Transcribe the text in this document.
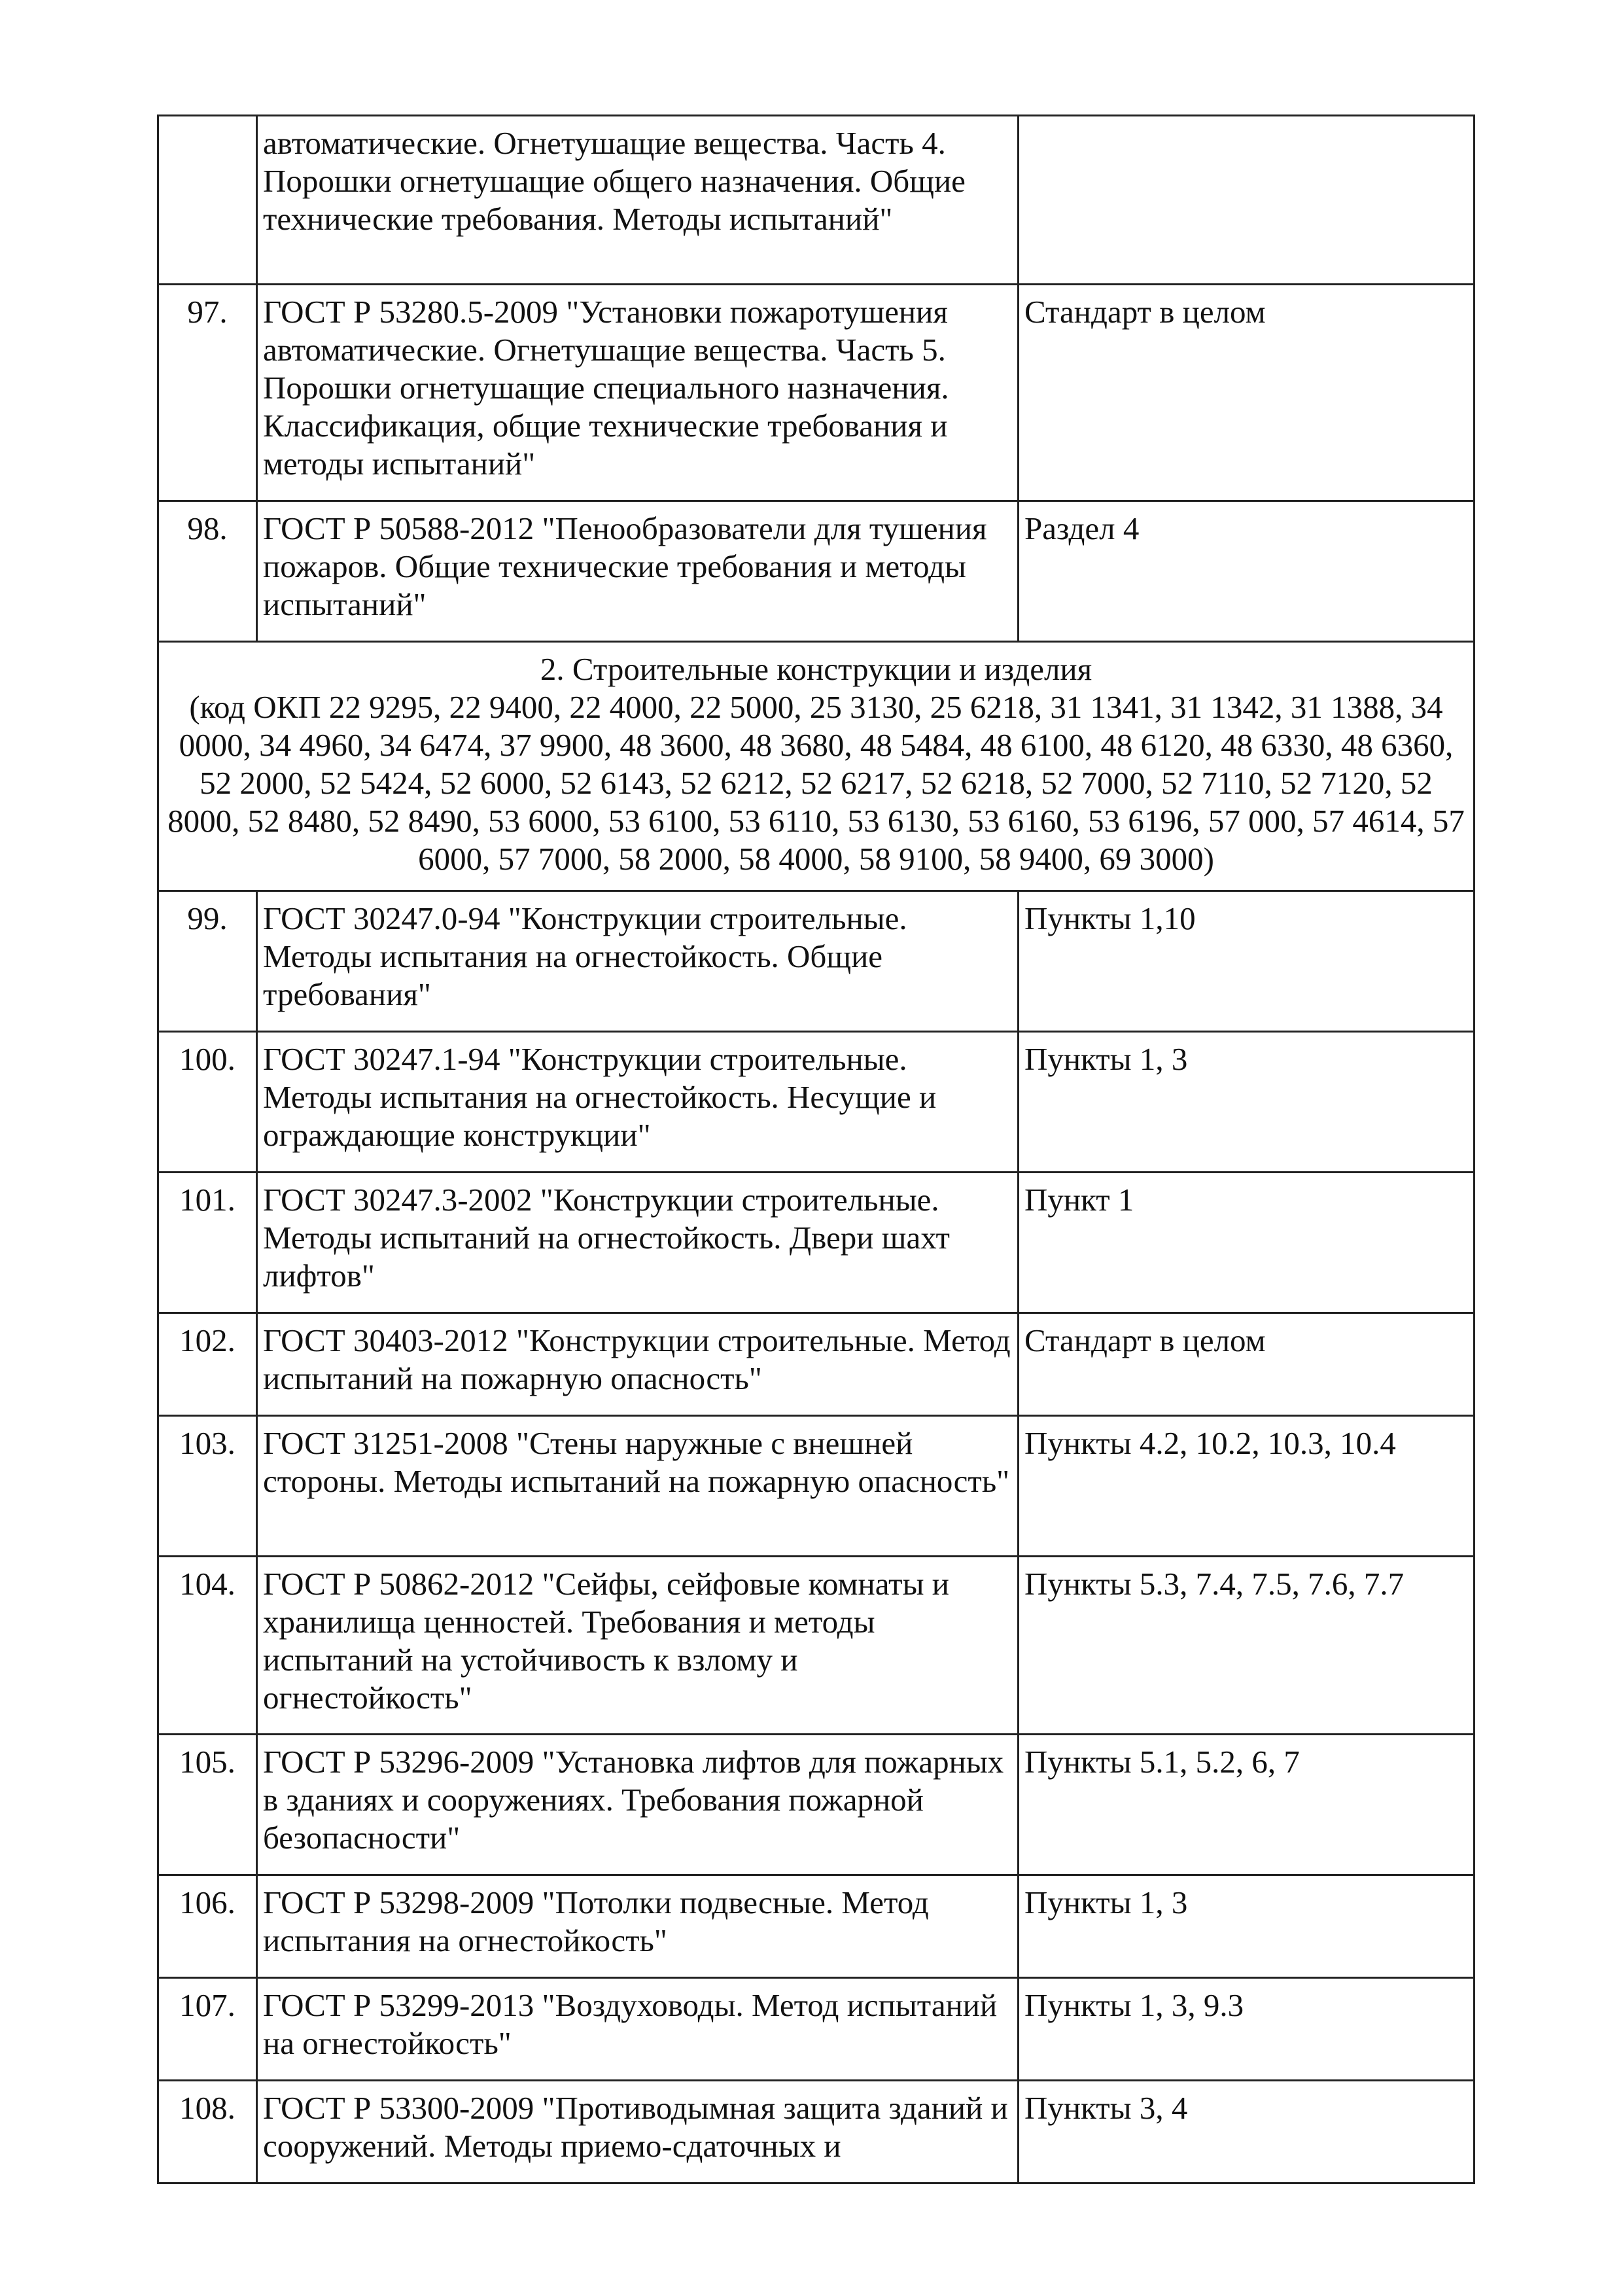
	автоматические. Огнетушащие вещества. Часть 4. Порошки огнетушащие общего назначения. Общие технические требования. Методы испытаний"	
97.	ГОСТ Р 53280.5-2009 "Установки пожаротушения автоматические. Огнетушащие вещества. Часть 5. Порошки огнетушащие специального назначения. Классификация, общие технические требования и методы испытаний"	Стандарт в целом
98.	ГОСТ Р 50588-2012 "Пенообразователи для тушения пожаров. Общие технические требования и методы испытаний"	Раздел 4

2. Строительные конструкции и изделия
(код ОКП 22 9295, 22 9400, 22 4000, 22 5000, 25 3130, 25 6218, 31 1341, 31 1342, 31 1388, 34 0000, 34 4960, 34 6474, 37 9900, 48 3600, 48 3680, 48 5484, 48 6100, 48 6120, 48 6330, 48 6360, 52 2000, 52 5424, 52 6000, 52 6143, 52 6212, 52 6217, 52 6218, 52 7000, 52 7110, 52 7120, 52 8000, 52 8480, 52 8490, 53 6000, 53 6100, 53 6110, 53 6130, 53 6160, 53 6196, 57 000, 57 4614, 57 6000, 57 7000, 58 2000, 58 4000, 58 9100, 58 9400, 69 3000)		

99.	ГОСТ 30247.0-94 "Конструкции строительные. Методы испытания на огнестойкость. Общие требования"	Пункты 1,10
100.	ГОСТ 30247.1-94 "Конструкции строительные. Методы испытания на огнестойкость. Несущие и ограждающие конструкции"	Пункты 1, 3
101.	ГОСТ 30247.3-2002 "Конструкции строительные. Методы испытаний на огнестойкость. Двери шахт лифтов"	Пункт 1
102.	ГОСТ 30403-2012 "Конструкции строительные. Метод испытаний на пожарную опасность"	Стандарт в целом
103.	ГОСТ 31251-2008 "Стены наружные с внешней стороны. Методы испытаний на пожарную опасность"	Пункты 4.2, 10.2, 10.3, 10.4
104.	ГОСТ Р 50862-2012 "Сейфы, сейфовые комнаты и хранилища ценностей. Требования и методы испытаний на устойчивость к взлому и огнестойкость"	Пункты 5.3, 7.4, 7.5, 7.6, 7.7
105.	ГОСТ Р 53296-2009 "Установка лифтов для пожарных в зданиях и сооружениях. Требования пожарной безопасности"	Пункты 5.1, 5.2, 6, 7
106.	ГОСТ Р 53298-2009 "Потолки подвесные. Метод испытания на огнестойкость"	Пункты 1, 3
107.	ГОСТ Р 53299-2013 "Воздуховоды. Метод испытаний на огнестойкость"	Пункты 1, 3, 9.3
108.	ГОСТ Р 53300-2009 "Противодымная защита зданий и сооружений. Методы приемо-сдаточных и	Пункты 3, 4
